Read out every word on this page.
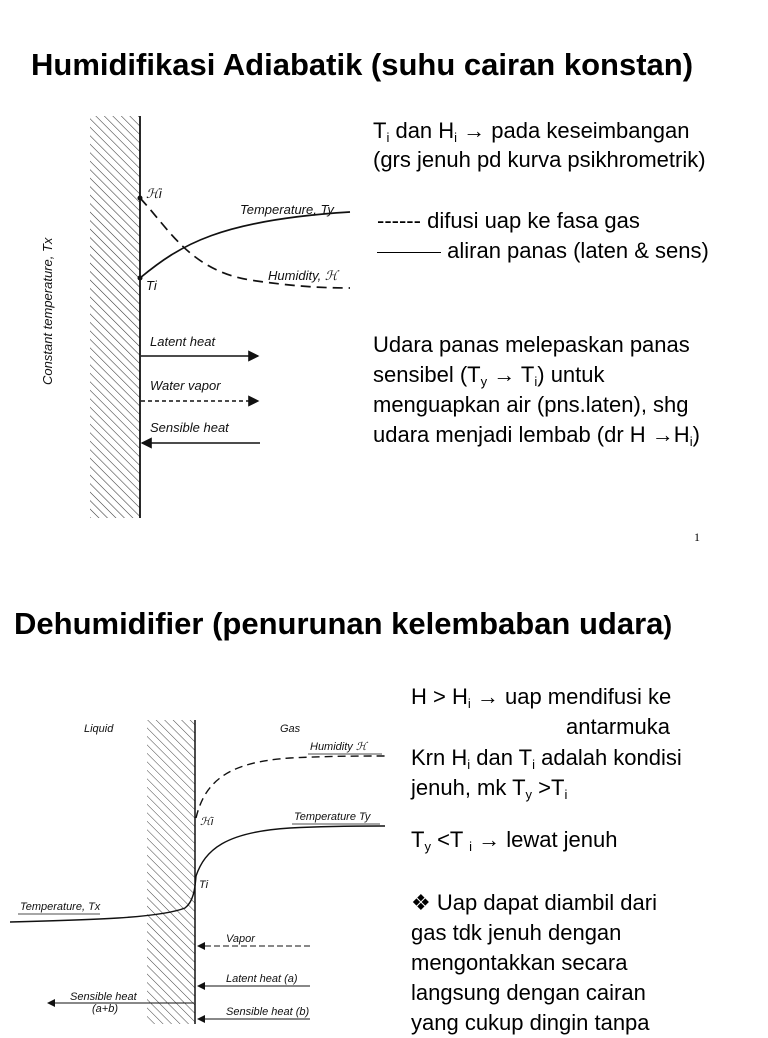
Humidifikasi Adiabatik (suhu cairan konstan)
Constant temperature, Tx
ℋi
Ti
Temperature, Ty
Humidity, ℋ
Latent heat
Water vapor
Sensible heat
$T_i$ dan $H_i$ → pada keseimbangan
(grs jenuh pd kurva psikhrometrik)
------ difusi uap ke fasa gas
aliran panas (laten & sens)
Udara panas melepaskan panas
sensibel $(T_y \to T_i)$ untuk
menguapkan air (pns.laten), shg
udara menjadi lembab (dr $H \to H_i$)
1
Dehumidifier (penurunan kelembaban udara)
Liquid	Gas
Humidity ℋ
ℋi	Temperature Ty
Ti
Temperature, Tx
Vapor
Latent heat (a)
Sensible heat (b)
Sensible heat
(a+b)
$H > H_i$ → uap mendifusi ke
antarmuka
Krn $H_i$ dan $T_i$ adalah kondisi
jenuh, mk $T_y >T_i$
$T_y <T$ $_i$ → lewat jenuh
❖ Uap dapat diambil dari
gas tdk jenuh dengan
mengontakkan secara
langsung dengan cairan
yang cukup dingin tanpa
